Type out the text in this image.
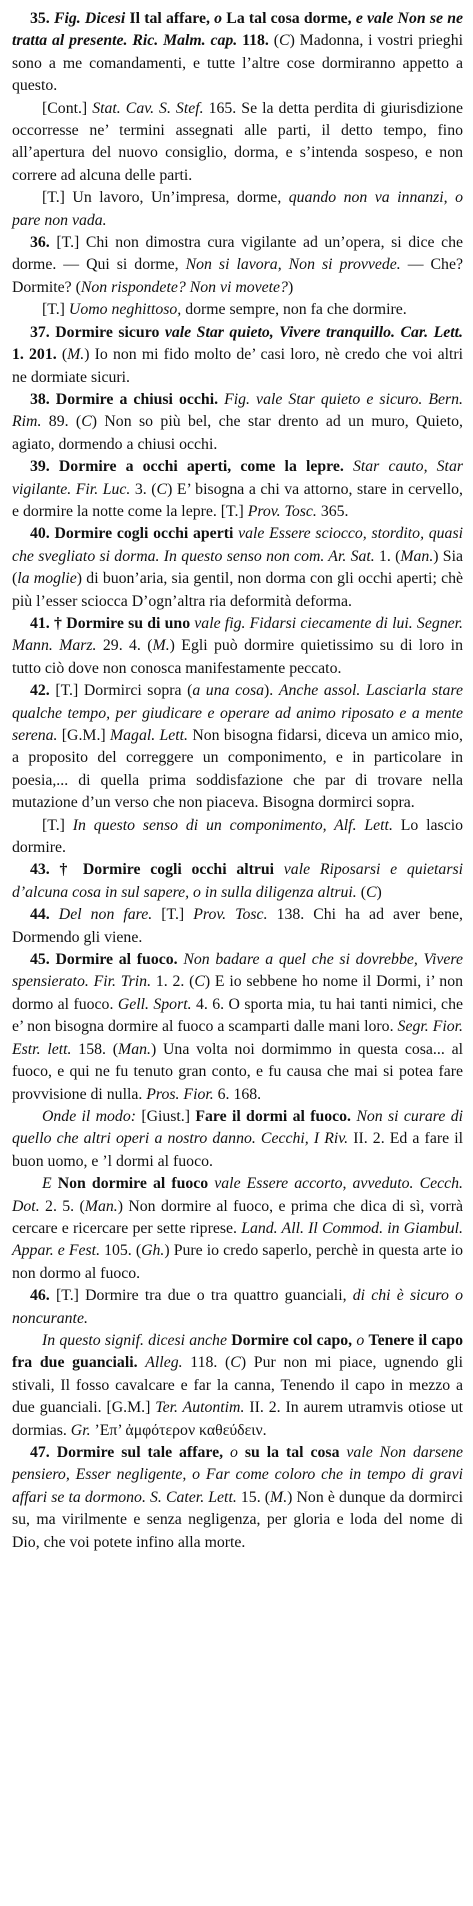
35. Fig. Dicesi Il tal affare, o La tal cosa dorme, e vale Non se ne tratta al presente. Ric. Malm. cap. 118. (C) Madonna, i vostri prieghi sono a me comandamenti, e tutte l’altre cose dormiranno appetto a questo.

[Cont.] Stat. Cav. S. Stef. 165. Se la detta perdita di giurisdizione occorresse ne’ termini assegnati alle parti, il detto tempo, fino all’apertura del nuovo consiglio, dorma, e s’intenda sospeso, e non correre ad alcuna delle parti.

[T.] Un lavoro, Un’impresa, dorme, quando non va innanzi, o pare non vada.

36. [T.] Chi non dimostra cura vigilante ad un’opera, si dice che dorme. — Qui si dorme, Non si lavora, Non si provvede. — Che? Dormite? (Non rispondete? Non vi movete?)

[T.] Uomo neghittoso, dorme sempre, non fa che dormire.

37. Dormire sicuro vale Star quieto, Vivere tranquillo. Car. Lett. 1. 201. (M.) Io non mi fido molto de’ casi loro, nè credo che voi altri ne dormiate sicuri.

38. Dormire a chiusi occhi. Fig. vale Star quieto e sicuro. Bern. Rim. 89. (C) Non so più bel, che star drento ad un muro, Quieto, agiato, dormendo a chiusi occhi.

39. Dormire a occhi aperti, come la lepre. Star cauto, Star vigilante. Fir. Luc. 3. (C) E’ bisogna a chi va attorno, stare in cervello, e dormire la notte come la lepre. [T.] Prov. Tosc. 365.

40. Dormire cogli occhi aperti vale Essere sciocco, stordito, quasi che svegliato si dorma. In questo senso non com. Ar. Sat. 1. (Man.) Sia (la moglie) di buon’aria, sia gentil, non dorma con gli occhi aperti; chè più l’esser sciocca D’ogn’altra ria deformità deforma.

41. † Dormire su di uno vale fig. Fidarsi ciecamente di lui. Segner. Mann. Marz. 29. 4. (M.) Egli può dormire quietissimo su di loro in tutto ciò dove non conosca manifestamente peccato.

42. [T.] Dormirci sopra (a una cosa). Anche assol. Lasciarla stare qualche tempo, per giudicare e operare ad animo riposato e a mente serena. [G.M.] Magal. Lett. Non bisogna fidarsi, diceva un amico mio, a proposito del correggere un componimento, e in particolare in poesia,... di quella prima soddisfazione che par di trovare nella mutazione d’un verso che non piaceva. Bisogna dormirci sopra.

[T.] In questo senso di un componimento, Alf. Lett. Lo lascio dormire.

43. † Dormire cogli occhi altrui vale Riposarsi e quietarsi d’alcuna cosa in sul sapere, o in sulla diligenza altrui. (C)

44. Del non fare. [T.] Prov. Tosc. 138. Chi ha ad aver bene, Dormendo gli viene.

45. Dormire al fuoco. Non badare a quel che si dovrebbe, Vivere spensierato. Fir. Trin. 1. 2. (C) E io sebbene ho nome il Dormi, i’ non dormo al fuoco. Gell. Sport. 4. 6. O sporta mia, tu hai tanti nimici, che e’ non bisogna dormire al fuoco a scamparti dalle mani loro. Segr. Fior. Estr. lett. 158. (Man.) Una volta noi dormimmo in questa cosa... al fuoco, e qui ne fu tenuto gran conto, e fu causa che mai si potea fare provvisione di nulla. Pros. Fior. 6. 168.

Onde il modo: [Giust.] Fare il dormi al fuoco. Non si curare di quello che altri operi a nostro danno. Cecchi, I Riv. II. 2. Ed a fare il buon uomo, e ’l dormi al fuoco.

E Non dormire al fuoco vale Essere accorto, avveduto. Cecch. Dot. 2. 5. (Man.) Non dormire al fuoco, e prima che dica di sì, vorrà cercare e ricercare per sette riprese. Land. All. Il Commod. in Giambul. Appar. e Fest. 105. (Gh.) Pure io credo saperlo, perchè in questa arte io non dormo al fuoco.

46. [T.] Dormire tra due o tra quattro guanciali, di chi è sicuro o noncurante.

In questo signif. dicesi anche Dormire col capo, o Tenere il capo fra due guanciali. Alleg. 118. (C) Pur non mi piace, ugnendo gli stivali, Il fosso cavalcare e far la canna, Tenendo il capo in mezzo a due guanciali. [G.M.] Ter. Autontim. II. 2. In aurem utramvis otiose ut dormias. Gr. ’Επ’ ἀμφότερον καθεύδειν.

47. Dormire sul tale affare, o su la tal cosa vale Non darsene pensiero, Esser negligente, o Far come coloro che in tempo di gravi affari se ta dormono. S. Cater. Lett. 15. (M.) Non è dunque da dormirci su, ma virilmente e senza negligenza, per gloria e loda del nome di Dio, che voi potete infino alla morte.
